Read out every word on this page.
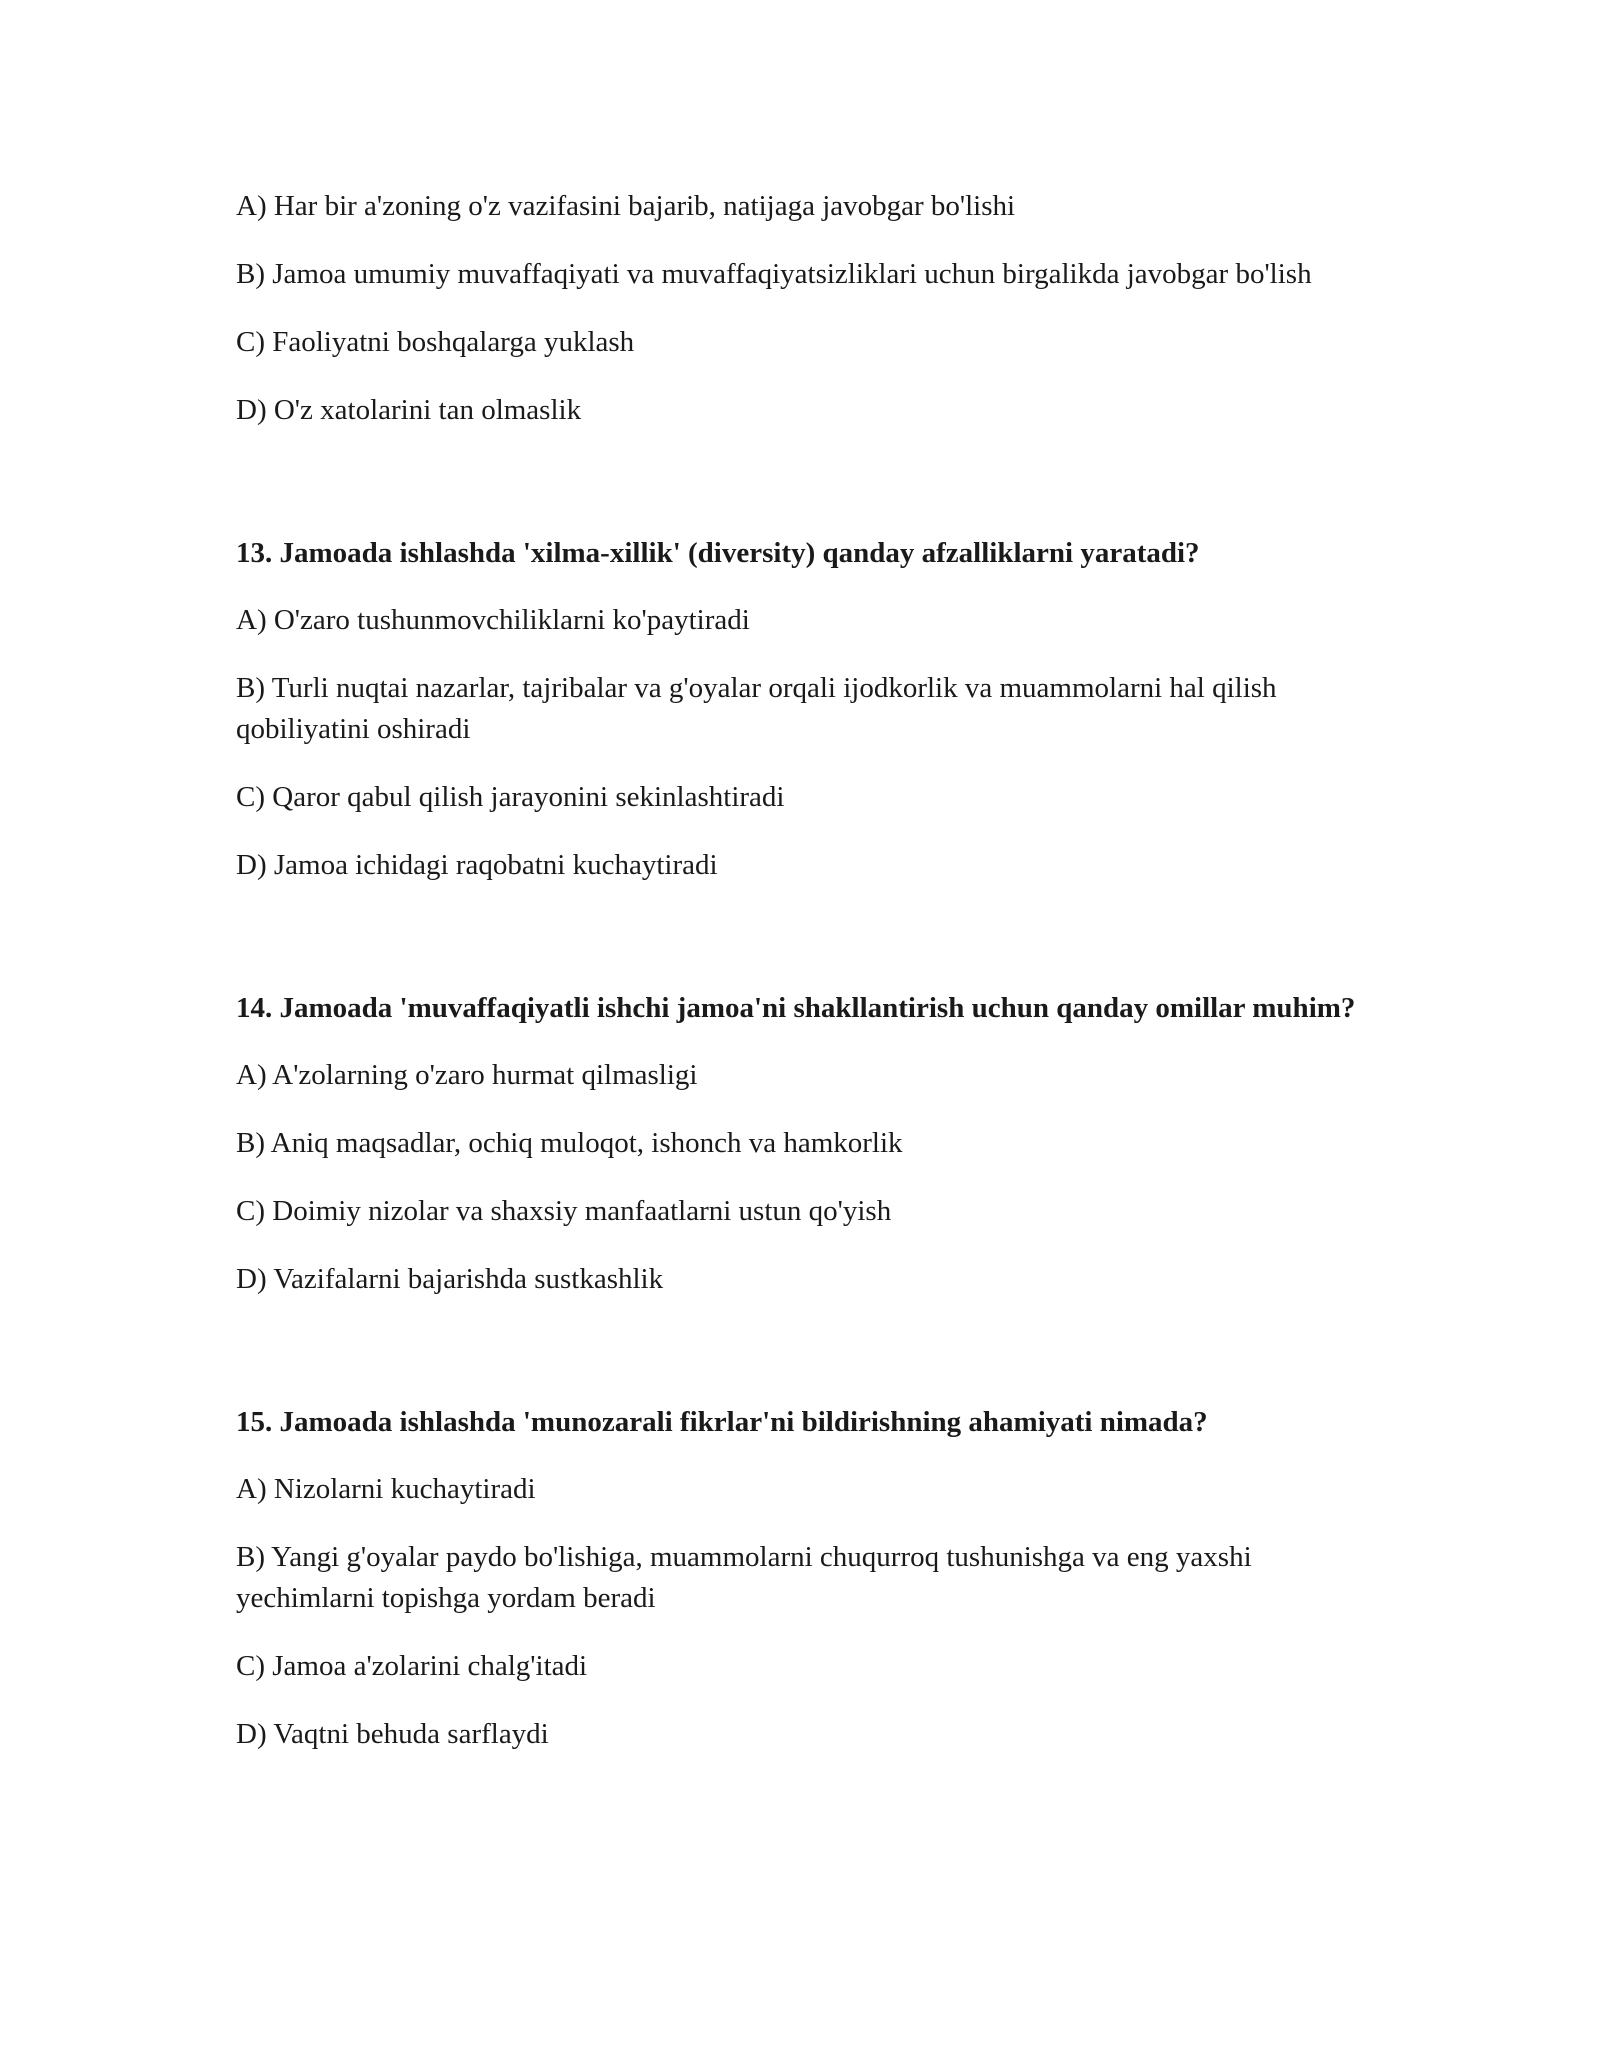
A) Har bir a'zoning o'z vazifasini bajarib, natijaga javobgar bo'lishi

B) Jamoa umumiy muvaffaqiyati va muvaffaqiyatsizliklari uchun birgalikda javobgar bo'lish

C) Faoliyatni boshqalarga yuklash

D) O'z xatolarini tan olmaslik

13. Jamoada ishlashda 'xilma-xillik' (diversity) qanday afzalliklarni yaratadi?

A) O'zaro tushunmovchiliklarni ko'paytiradi

B) Turli nuqtai nazarlar, tajribalar va g'oyalar orqali ijodkorlik va muammolarni hal qilish qobiliyatini oshiradi

C) Qaror qabul qilish jarayonini sekinlashtiradi

D) Jamoa ichidagi raqobatni kuchaytiradi

14. Jamoada 'muvaffaqiyatli ishchi jamoa'ni shakllantirish uchun qanday omillar muhim?

A) A'zolarning o'zaro hurmat qilmasligi

B) Aniq maqsadlar, ochiq muloqot, ishonch va hamkorlik

C) Doimiy nizolar va shaxsiy manfaatlarni ustun qo'yish

D) Vazifalarni bajarishda sustkashlik

15. Jamoada ishlashda 'munozarali fikrlar'ni bildirishning ahamiyati nimada?

A) Nizolarni kuchaytiradi

B) Yangi g'oyalar paydo bo'lishiga, muammolarni chuqurroq tushunishga va eng yaxshi yechimlarni topishga yordam beradi

C) Jamoa a'zolarini chalg'itadi

D) Vaqtni behuda sarflaydi
